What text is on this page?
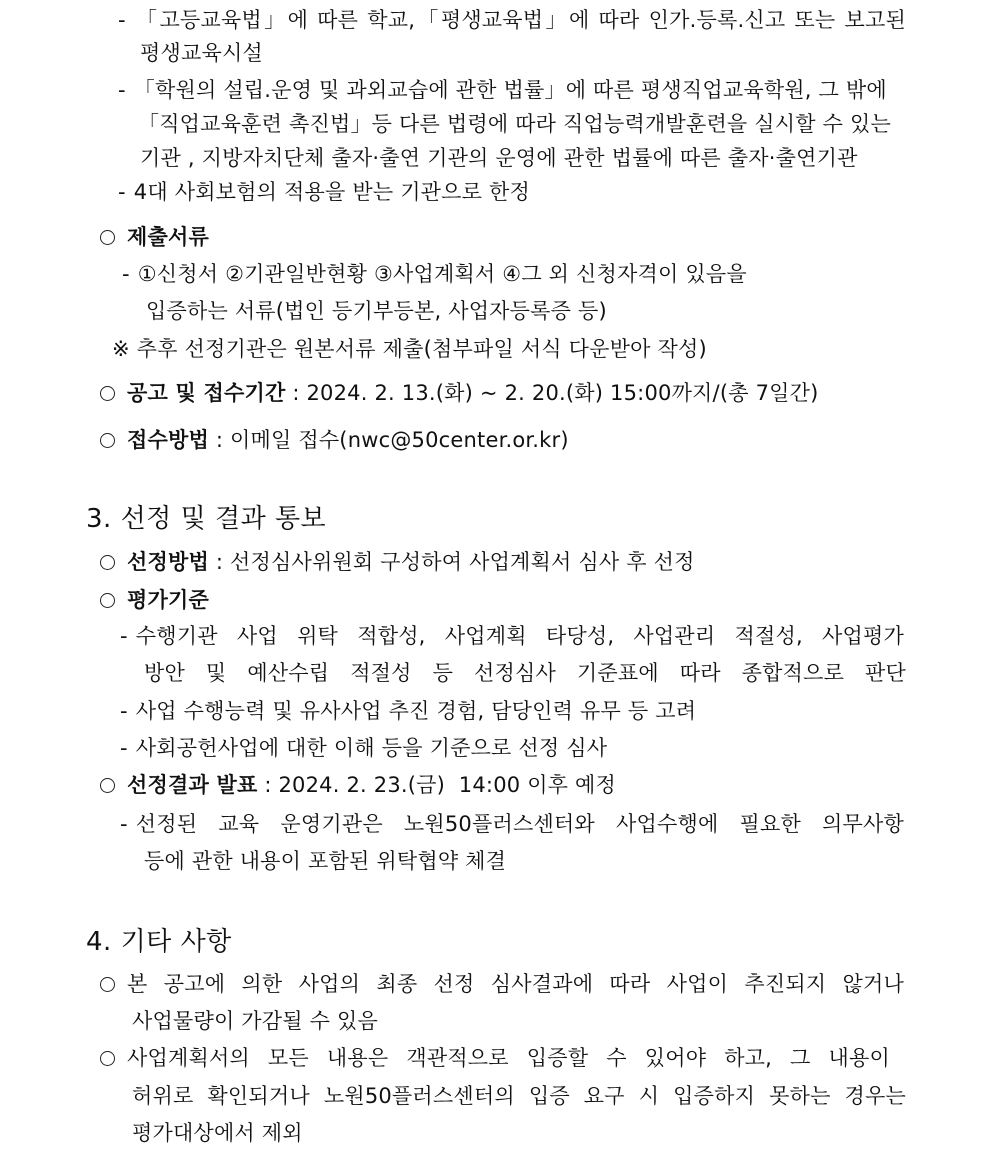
- 「고등교육법」에 따른 학교,「평생교육법」에 따라 인가.등록.신고 또는 보고된
평생교육시설
- 「학원의 설립.운영 및 과외교습에 관한 법률」에 따른 평생직업교육학원, 그 밖에
「직업교육훈련 촉진법」등 다른 법령에 따라 직업능력개발훈련을 실시할 수 있는
기관 , 지방자치단체 출자·출연 기관의 운영에 관한 법률에 따른 출자·출연기관
- 4대 사회보험의 적용을 받는 기관으로 한정
제출서류
- ①신청서 ②기관일반현황 ③사업계획서 ④그 외 신청자격이 있음을
입증하는 서류(법인 등기부등본, 사업자등록증 등)
※ 추후 선정기관은 원본서류 제출(첨부파일 서식 다운받아 작성)
공고 및 접수기간 : 2024. 2. 13.(화) ~ 2. 20.(화) 15:00까지/(총 7일간)
접수방법 : 이메일 접수(nwc@50center.or.kr)
3. 선정 및 결과 통보
선정방법 : 선정심사위원회 구성하여 사업계획서 심사 후 선정
평가기준
- 수행기관 사업 위탁 적합성, 사업계획 타당성, 사업관리 적절성, 사업평가
방안 및 예산수립 적절성 등 선정심사 기준표에 따라 종합적으로 판단
- 사업 수행능력 및 유사사업 추진 경험, 담당인력 유무 등 고려
- 사회공헌사업에 대한 이해 등을 기준으로 선정 심사
선정결과 발표 : 2024. 2. 23.(금)  14:00 이후 예정
- 선정된 교육 운영기관은 노원50플러스센터와 사업수행에 필요한 의무사항
등에 관한 내용이 포함된 위탁협약 체결
4. 기타 사항
본 공고에 의한 사업의 최종 선정 심사결과에 따라 사업이 추진되지 않거나
사업물량이 가감될 수 있음
사업계획서의 모든 내용은 객관적으로 입증할 수 있어야 하고, 그 내용이
허위로 확인되거나 노원50플러스센터의 입증 요구 시 입증하지 못하는 경우는
평가대상에서 제외
